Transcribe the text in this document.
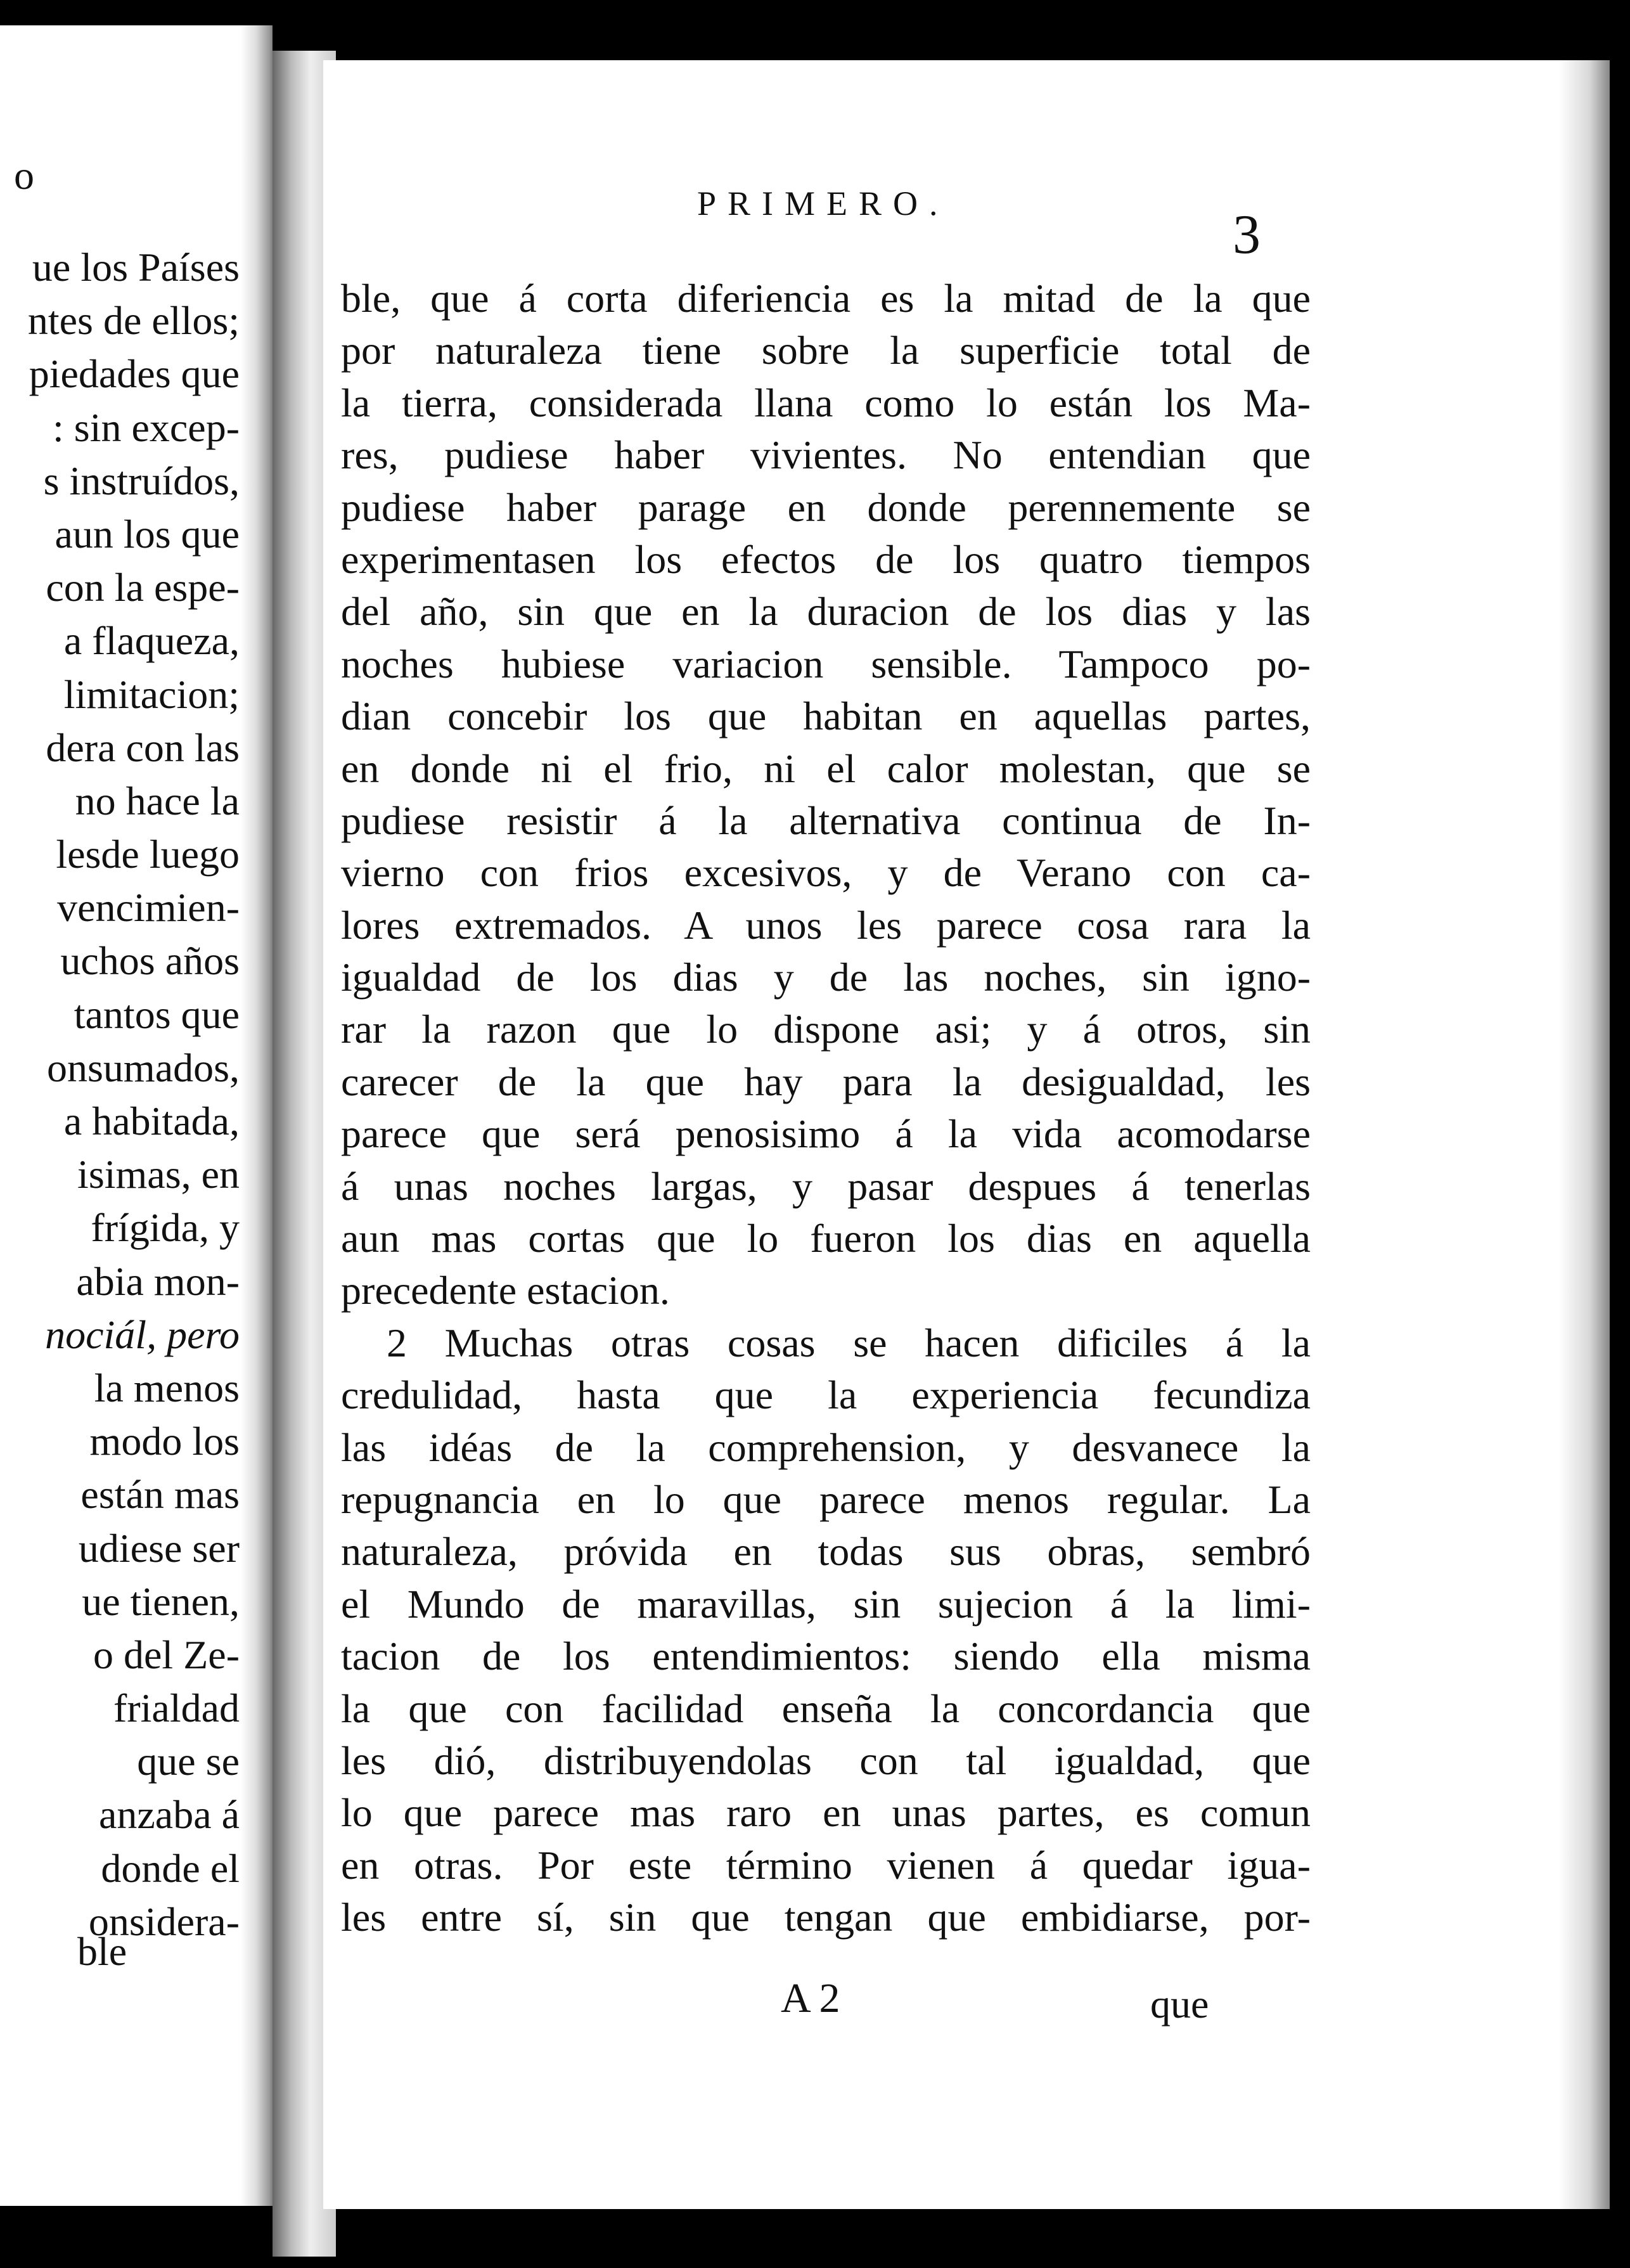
o
ue los Países
ntes de ellos;
piedades que
: sin excep-
s instruídos,
aun los que
con la espe-
a flaqueza,
limitacion;
dera con las
no hace la
lesde luego
vencimien-
uchos años
tantos que
onsumados,
a habitada,
isimas, en
frígida, y
abia mon-
nociál, pero
la menos
modo los
están mas
udiese ser
ue tienen,
o del Ze-
frialdad
que se
anzaba á
donde el
onsidera-
ble
PRIMERO.
3
ble, que á corta diferiencia es la mitad de la que
por naturaleza tiene sobre la superficie total de
la tierra, considerada llana como lo están los Ma-
res, pudiese haber vivientes. No entendian que
pudiese haber parage en donde perennemente se
experimentasen los efectos de los quatro tiempos
del año, sin que en la duracion de los dias y las
noches hubiese variacion sensible. Tampoco po-
dian concebir los que habitan en aquellas partes,
en donde ni el frio, ni el calor molestan, que se
pudiese resistir á la alternativa continua de In-
vierno con frios excesivos, y de Verano con ca-
lores extremados. A unos les parece cosa rara la
igualdad de los dias y de las noches, sin igno-
rar la razon que lo dispone asi; y á otros, sin
carecer de la que hay para la desigualdad, les
parece que será penosisimo á la vida acomodarse
á unas noches largas, y pasar despues á tenerlas
aun mas cortas que lo fueron los dias en aquella
precedente estacion.
2 Muchas otras cosas se hacen dificiles á la
credulidad, hasta que la experiencia fecundiza
las idéas de la comprehension, y desvanece la
repugnancia en lo que parece menos regular. La
naturaleza, próvida en todas sus obras, sembró
el Mundo de maravillas, sin sujecion á la limi-
tacion de los entendimientos: siendo ella misma
la que con facilidad enseña la concordancia que
les dió, distribuyendolas con tal igualdad, que
lo que parece mas raro en unas partes, es comun
en otras. Por este término vienen á quedar igua-
les entre sí, sin que tengan que embidiarse, por-
A 2	que
